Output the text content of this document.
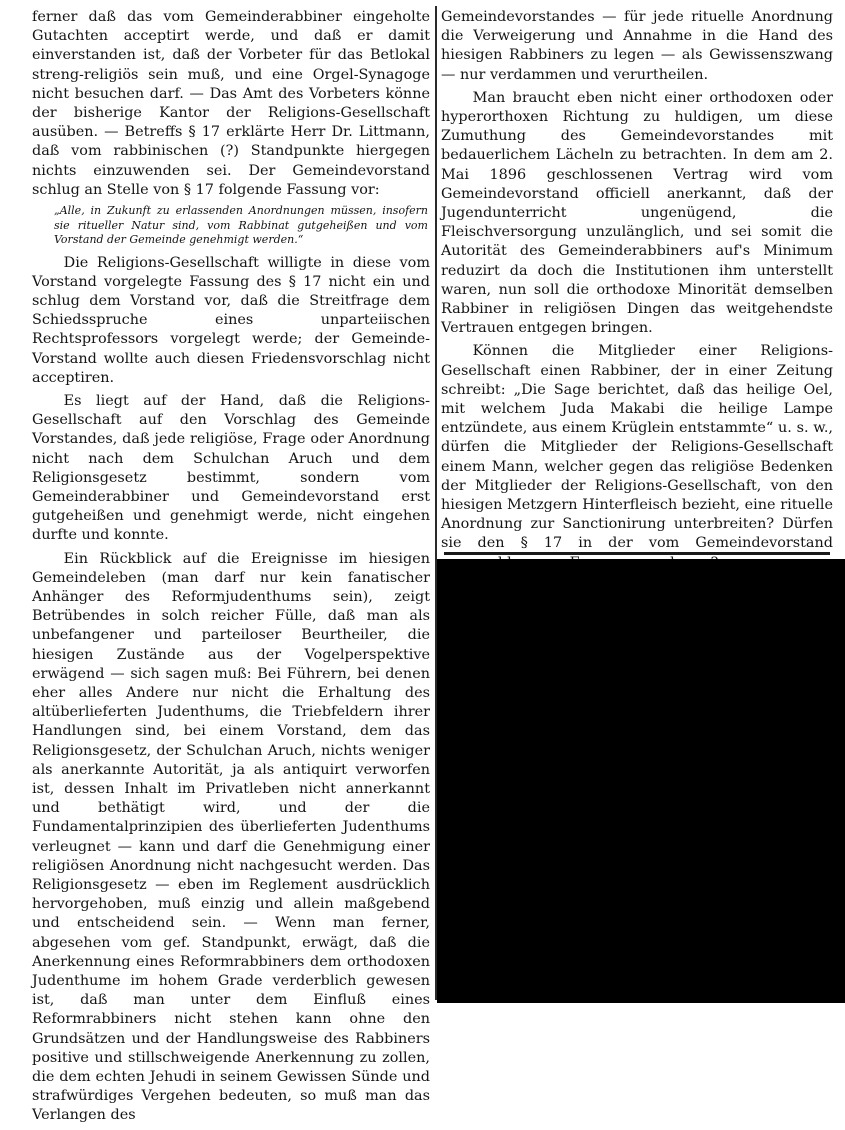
ferner daß das vom Gemeinderabbiner eingeholte Gutachten acceptirt werde, und daß er damit einverstanden ist, daß der Vorbeter für das Betlokal streng-religiös sein muß, und eine Orgel-Synagoge nicht besuchen darf. — Das Amt des Vorbeters könne der bisherige Kantor der Religions-Gesellschaft ausüben. — Betreffs § 17 erklärte Herr Dr. Littmann, daß vom rabbinischen (?) Standpunkte hiergegen nichts einzuwenden sei. Der Gemeindevorstand schlug an Stelle von § 17 folgende Fassung vor:

„Alle, in Zukunft zu erlassenden Anordnungen müssen, insofern sie ritueller Natur sind, vom Rabbinat gutgeheißen und vom Vorstand der Gemeinde genehmigt werden.“

Die Religions-Gesellschaft willigte in diese vom Vorstand vorgelegte Fassung des § 17 nicht ein und schlug dem Vorstand vor, daß die Streitfrage dem Schiedsspruche eines unparteiischen Rechtsprofessors vorgelegt werde; der Gemeinde-Vorstand wollte auch diesen Friedensvorschlag nicht acceptiren.

Es liegt auf der Hand, daß die Religions-Gesellschaft auf den Vorschlag des Gemeinde Vorstandes, daß jede religiöse, Frage oder Anordnung nicht nach dem Schulchan Aruch und dem Religionsgesetz bestimmt, sondern vom Gemeinderabbiner und Gemeindevorstand erst gutgeheißen und genehmigt werde, nicht eingehen durfte und konnte.

Ein Rückblick auf die Ereignisse im hiesigen Gemeindeleben (man darf nur kein fanatischer Anhänger des Reformjudenthums sein), zeigt Betrübendes in solch reicher Fülle, daß man als unbefangener und parteiloser Beurtheiler, die hiesigen Zustände aus der Vogelperspektive erwägend — sich sagen muß: Bei Führern, bei denen eher alles Andere nur nicht die Erhaltung des altüberlieferten Judenthums, die Triebfeldern ihrer Handlungen sind, bei einem Vorstand, dem das Religionsgesetz, der Schulchan Aruch, nichts weniger als anerkannte Autorität, ja als antiquirt verworfen ist, dessen Inhalt im Privatleben nicht annerkannt und bethätigt wird, und der die Fundamentalprinzipien des überlieferten Judenthums verleugnet — kann und darf die Genehmigung einer religiösen Anordnung nicht nachgesucht werden. Das Religionsgesetz — eben im Reglement ausdrücklich hervorgehoben, muß einzig und allein maßgebend und entscheidend sein. — Wenn man ferner, abgesehen vom gef. Standpunkt, erwägt, daß die Anerkennung eines Reformrabbiners dem orthodoxen Judenthume im hohem Grade verderblich gewesen ist, daß man unter dem Einfluß eines Reformrabbiners nicht stehen kann ohne den Grundsätzen und der Handlungsweise des Rabbiners positive und stillschweigende Anerkennung zu zollen, die dem echten Jehudi in seinem Gewissen Sünde und strafwürdiges Vergehen bedeuten, so muß man das Verlangen des

Gemeindevorstandes — für jede rituelle Anordnung die Verweigerung und Annahme in die Hand des hiesigen Rabbiners zu legen — als Gewissenszwang — nur verdammen und verurtheilen.

Man braucht eben nicht einer orthodoxen oder hyperorthoxen Richtung zu huldigen, um diese Zumuthung des Gemeindevorstandes mit bedauerlichem Lächeln zu betrachten. In dem am 2. Mai 1896 geschlossenen Vertrag wird vom Gemeindevorstand officiell anerkannt, daß der Jugendunterricht ungenügend, die Fleischversorgung unzulänglich, und sei somit die Autorität des Gemeinderabbiners auf's Minimum reduzirt da doch die Institutionen ihm unterstellt waren, nun soll die orthodoxe Minorität demselben Rabbiner in religiösen Dingen das weitgehendste Vertrauen entgegen bringen.

Können die Mitglieder einer Religions-Gesellschaft einen Rabbiner, der in einer Zeitung schreibt: „Die Sage berichtet, daß das heilige Oel, mit welchem Juda Makabi die heilige Lampe entzündete, aus einem Krüglein entstammte“ u. s. w., dürfen die Mitglieder der Religions-Gesellschaft einem Mann, welcher gegen das religiöse Bedenken der Mitglieder der Religions-Gesellschaft, von den hiesigen Metzgern Hinterfleisch bezieht, eine rituelle Anordnung zur Sanctionirung unterbreiten? Dürfen sie den § 17 in der vom Gemeindevorstand
